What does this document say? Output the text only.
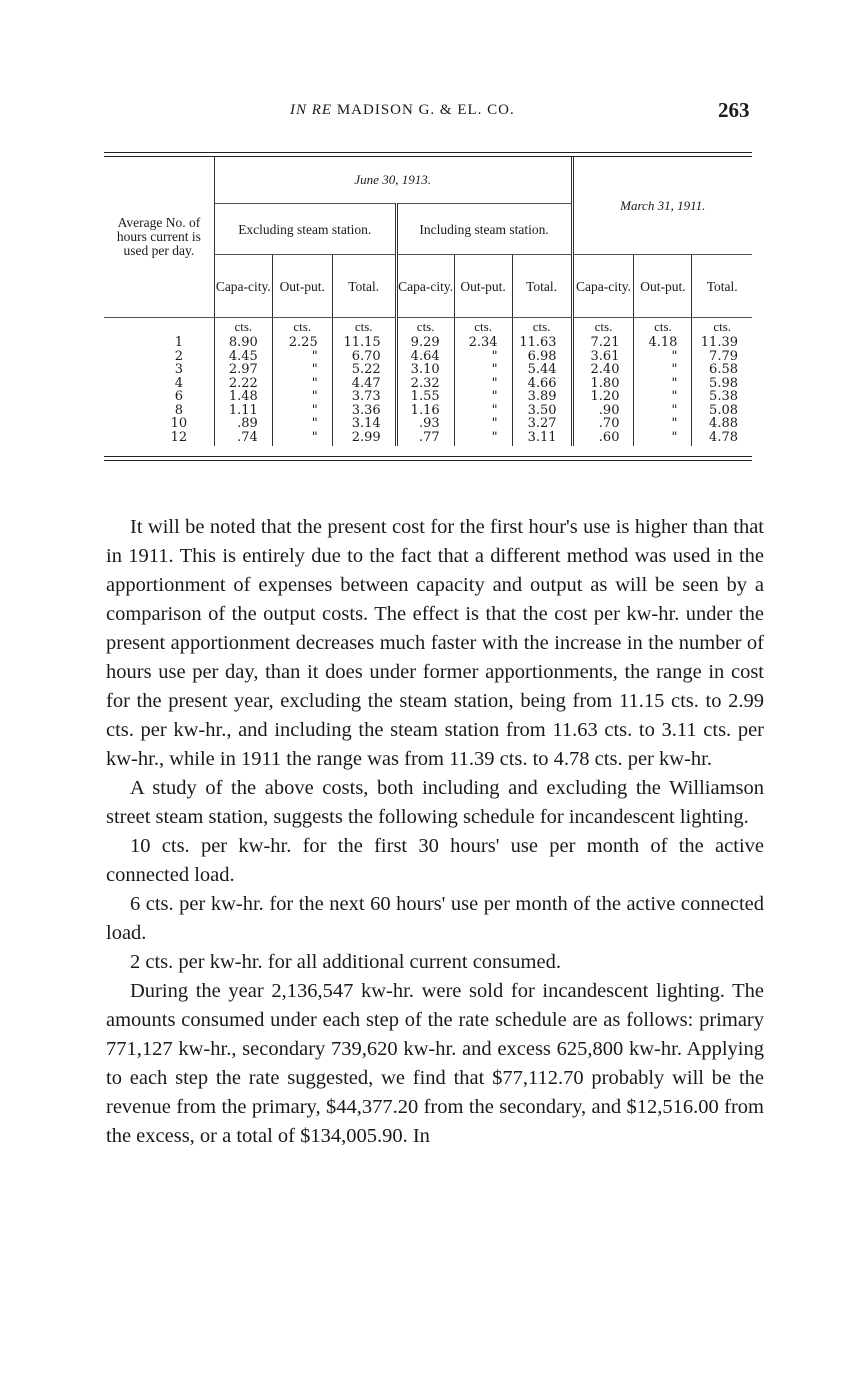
IN RE MADISON G. & EL. CO.	263
Average No. of hours current is used per day.	June 30, 1913.						March 31, 1911.		
	Excluding steam station.			Including steam station.					
	Capa-city.	Out-put.	Total.	Capa-city.	Out-put.	Total.	Capa-city.	Out-put.	Total.
	cts.	cts.	cts.	cts.	cts.	cts.	cts.	cts.	cts.
1	8.90	2.25	11.15	9.29	2.34	11.63	7.21	4.18	11.39
2	4.45	"	6.70	4.64	"	6.98	3.61	"	7.79
3	2.97	"	5.22	3.10	"	5.44	2.40	"	6.58
4	2.22	"	4.47	2.32	"	4.66	1.80	"	5.98
6	1.48	"	3.73	1.55	"	3.89	1.20	"	5.38
8	1.11	"	3.36	1.16	"	3.50	.90	"	5.08
10	.89	"	3.14	.93	"	3.27	.70	"	4.88
12	.74	"	2.99	.77	"	3.11	.60	"	4.78

It will be noted that the present cost for the first hour's use is higher than that in 1911. This is entirely due to the fact that a different method was used in the apportionment of expenses between capacity and output as will be seen by a comparison of the output costs. The effect is that the cost per kw-hr. under the present apportionment decreases much faster with the increase in the number of hours use per day, than it does under former apportionments, the range in cost for the present year, excluding the steam station, being from 11.15 cts. to 2.99 cts. per kw-hr., and including the steam station from 11.63 cts. to 3.11 cts. per kw-hr., while in 1911 the range was from 11.39 cts. to 4.78 cts. per kw-hr.

A study of the above costs, both including and excluding the Williamson street steam station, suggests the following schedule for incandescent lighting.

10 cts. per kw-hr. for the first 30 hours' use per month of the active connected load.

6 cts. per kw-hr. for the next 60 hours' use per month of the active connected load.

2 cts. per kw-hr. for all additional current consumed.

During the year 2,136,547 kw-hr. were sold for incandescent lighting. The amounts consumed under each step of the rate schedule are as follows: primary 771,127 kw-hr., secondary 739,620 kw-hr. and excess 625,800 kw-hr. Applying to each step the rate suggested, we find that $77,112.70 probably will be the revenue from the primary, $44,377.20 from the secondary, and $12,516.00 from the excess, or a total of $134,005.90. In
